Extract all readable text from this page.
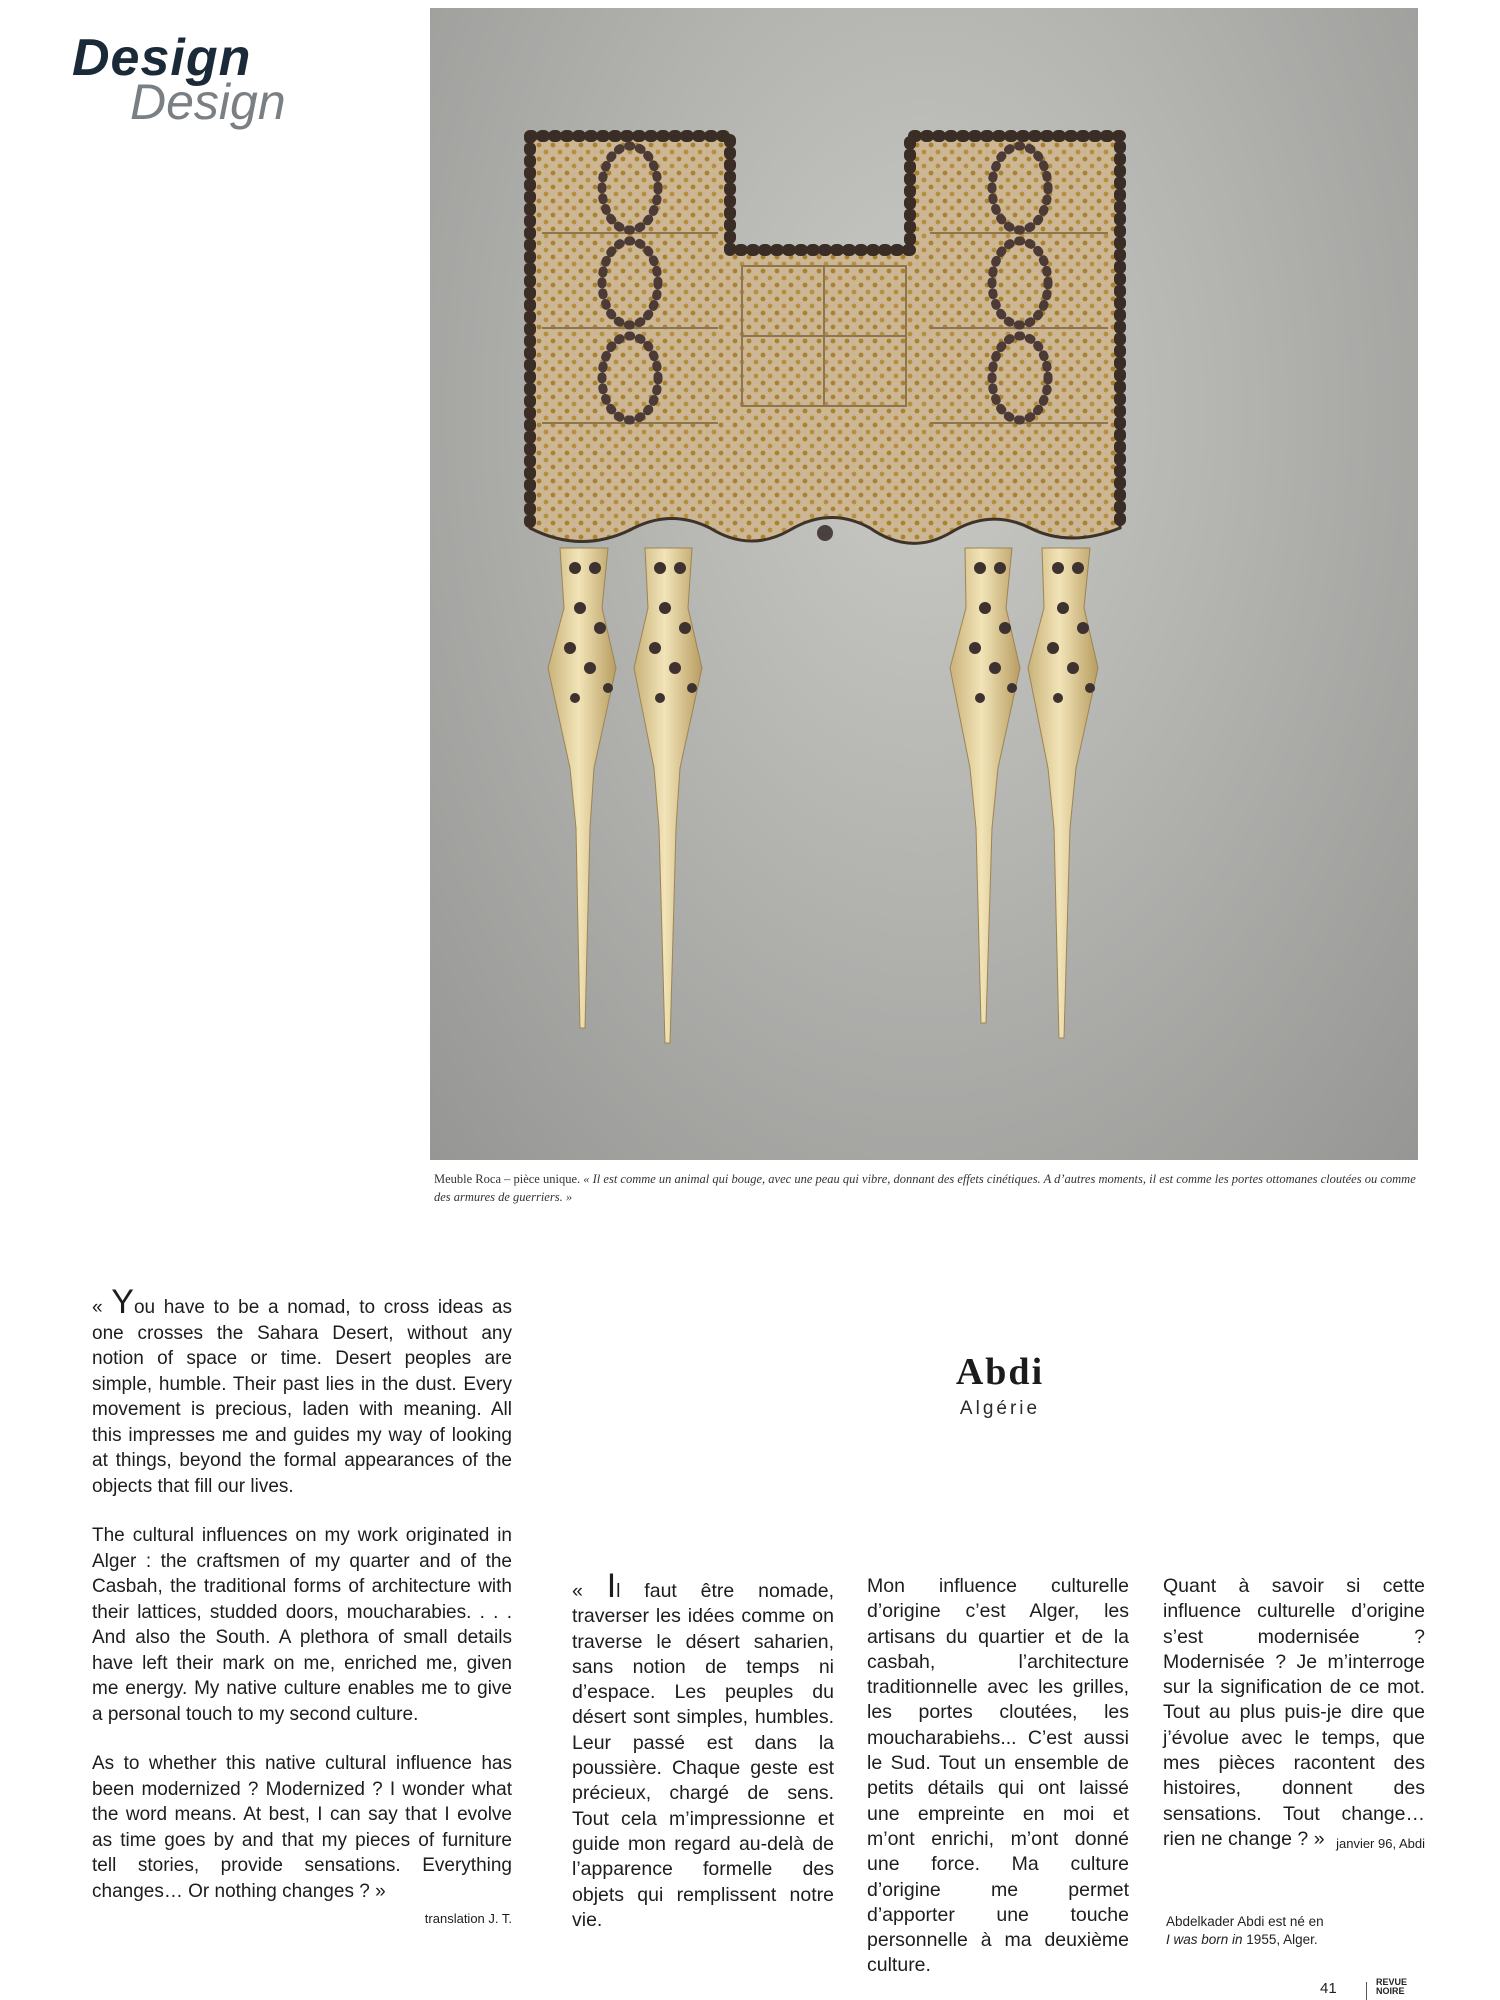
Design
Design
Meuble Roca – pièce unique. « Il est comme un animal qui bouge, avec une peau qui vibre, donnant des effets cinétiques. A d’autres moments, il est comme les portes ottomanes cloutées ou comme des armures de guerriers. »

« You have to be a nomad, to cross ideas as one crosses the Sahara Desert, without any notion of space or time. Desert peoples are simple, humble. Their past lies in the dust. Every movement is precious, laden with meaning. All this impresses me and guides my way of looking at things, beyond the formal appearances of the objects that fill our lives.

The cultural influences on my work originated in Alger : the craftsmen of my quarter and of the Casbah, the traditional forms of architecture with their lattices, studded doors, moucharabies. . . . And also the South. A plethora of small details have left their mark on me, enriched me, given me energy. My native culture enables me to give a personal touch to my second culture.

As to whether this native cultural influence has been modernized ? Modernized ? I wonder what the word means. At best, I can say that I evolve as time goes by and that my pieces of furniture tell stories, provide sensations. Everything changes… Or nothing changes ? »

translation J. T.
Abdi
Algérie

« Il faut être nomade, traverser les idées comme on traverse le désert saharien, sans notion de temps ni d’espace. Les peuples du désert sont simples, humbles. Leur passé est dans la poussière. Chaque geste est précieux, chargé de sens. Tout cela m’impressionne et guide mon regard au-delà de l’apparence formelle des objets qui remplissent notre vie.

Mon influence culturelle d’origine c’est Alger, les artisans du quartier et de la casbah, l’architecture traditionnelle avec les grilles, les portes cloutées, les moucharabiehs... C’est aussi le Sud. Tout un ensemble de petits détails qui ont laissé une empreinte en moi et m’ont enrichi, m’ont donné une force. Ma culture d’origine me permet d’apporter une touche personnelle à ma deuxième culture.

Quant à savoir si cette influence culturelle d’origine s’est modernisée ? Modernisée ? Je m’interroge sur la signification de ce mot. Tout au plus puis-je dire que j’évolue avec le temps, que mes pièces racontent des histoires, donnent des sensations. Tout change… rien ne change ? » janvier 96, Abdi

Abdelkader Abdi est né en
I was born in 1955, Alger.
41	REVUE
NOIRE
